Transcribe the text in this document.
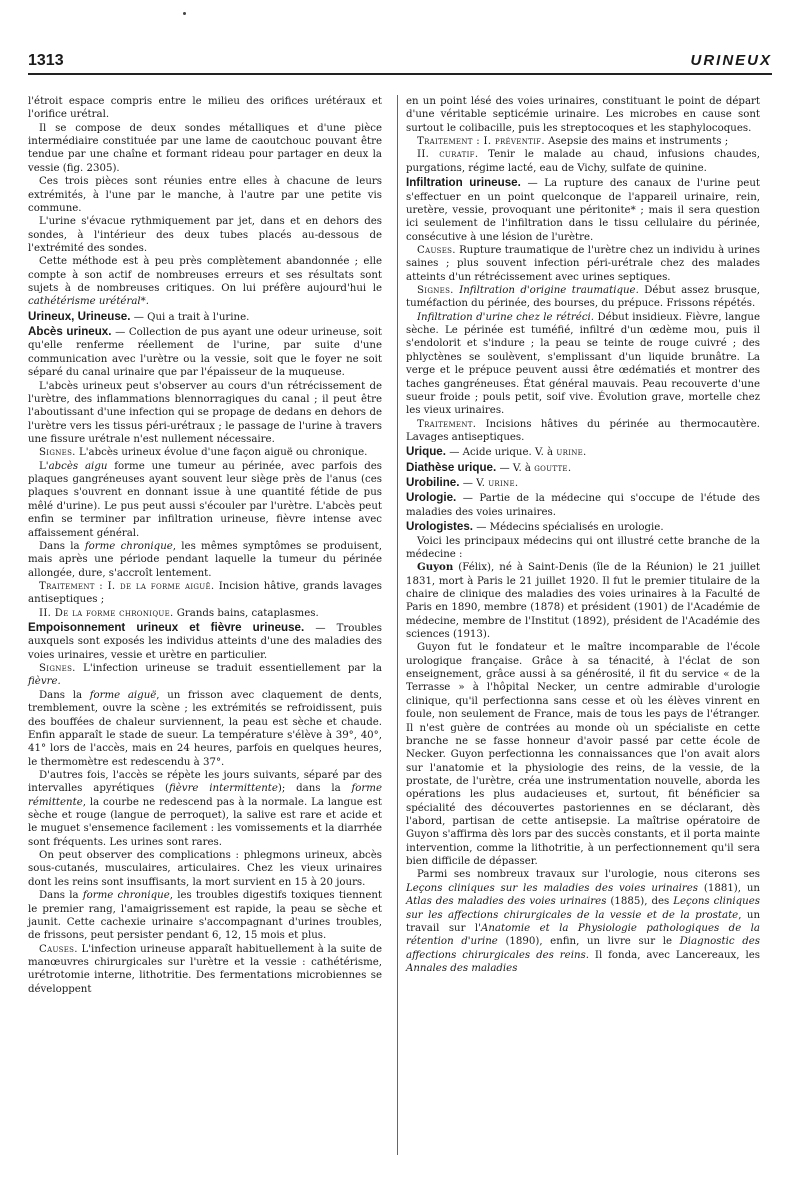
1313	URINEUX

l'étroit espace compris entre le milieu des orifices urétéraux et l'orifice urétral.

Il se compose de deux sondes métalliques et d'une pièce intermédiaire constituée par une lame de caoutchouc pouvant être tendue par une chaîne et formant rideau pour partager en deux la vessie (fig. 2305).

Ces trois pièces sont réunies entre elles à chacune de leurs extrémités, à l'une par le manche, à l'autre par une petite vis commune.

L'urine s'évacue rythmiquement par jet, dans et en dehors des sondes, à l'intérieur des deux tubes placés au-dessous de l'extrémité des sondes.

Cette méthode est à peu près complètement abandonnée ; elle compte à son actif de nombreuses erreurs et ses résultats sont sujets à de nombreuses critiques. On lui préfère aujourd'hui le cathétérisme urétéral*.

Urineux, Urineuse. — Qui a trait à l'urine.

Abcès urineux. — Collection de pus ayant une odeur urineuse, soit qu'elle renferme réellement de l'urine, par suite d'une communication avec l'urètre ou la vessie, soit que le foyer ne soit séparé du canal urinaire que par l'épaisseur de la muqueuse.

L'abcès urineux peut s'observer au cours d'un rétrécissement de l'urètre, des inflammations blennorragiques du canal ; il peut être l'aboutissant d'une infection qui se propage de dedans en dehors de l'urètre vers les tissus péri-urétraux ; le passage de l'urine à travers une fissure urétrale n'est nullement nécessaire.

Signes. L'abcès urineux évolue d'une façon aiguë ou chronique.

L'abcès aigu forme une tumeur au périnée, avec parfois des plaques gangréneuses ayant souvent leur siège près de l'anus (ces plaques s'ouvrent en donnant issue à une quantité fétide de pus mêlé d'urine). Le pus peut aussi s'écouler par l'urètre. L'abcès peut enfin se terminer par infiltration urineuse, fièvre intense avec affaissement général.

Dans la forme chronique, les mêmes symptômes se produisent, mais après une période pendant laquelle la tumeur du périnée allongée, dure, s'accroît lentement.

Traitement : I. de la forme aiguë. Incision hâtive, grands lavages antiseptiques ;

II. De la forme chronique. Grands bains, cataplasmes.

Empoisonnement urineux et fièvre urineuse. — Troubles auxquels sont exposés les individus atteints d'une des maladies des voies urinaires, vessie et urètre en particulier.

Signes. L'infection urineuse se traduit essentiellement par la fièvre.

Dans la forme aiguë, un frisson avec claquement de dents, tremblement, ouvre la scène ; les extrémités se refroidissent, puis des bouffées de chaleur surviennent, la peau est sèche et chaude. Enfin apparaît le stade de sueur. La température s'élève à 39°, 40°, 41° lors de l'accès, mais en 24 heures, parfois en quelques heures, le thermomètre est redescendu à 37°.

D'autres fois, l'accès se répète les jours suivants, séparé par des intervalles apyrétiques (fièvre intermittente); dans la forme rémittente, la courbe ne redescend pas à la normale. La langue est sèche et rouge (langue de perroquet), la salive est rare et acide et le muguet s'ensemence facilement : les vomissements et la diarrhée sont fréquents. Les urines sont rares.

On peut observer des complications : phlegmons urineux, abcès sous-cutanés, musculaires, articulaires. Chez les vieux urinaires dont les reins sont insuffisants, la mort survient en 15 à 20 jours.

Dans la forme chronique, les troubles digestifs toxiques tiennent le premier rang, l'amaigrissement est rapide, la peau se sèche et jaunit. Cette cachexie urinaire s'accompagnant d'urines troubles, de frissons, peut persister pendant 6, 12, 15 mois et plus.

Causes. L'infection urineuse apparaît habituellement à la suite de manœuvres chirurgicales sur l'urètre et la vessie : cathétérisme, urétrotomie interne, lithotritie. Des fermentations microbiennes se développent

en un point lésé des voies urinaires, constituant le point de départ d'une véritable septicémie urinaire. Les microbes en cause sont surtout le colibacille, puis les streptocoques et les staphylocoques.

Traitement : I. préventif. Asepsie des mains et instruments ;

II. curatif. Tenir le malade au chaud, infusions chaudes, purgations, régime lacté, eau de Vichy, sulfate de quinine.

Infiltration urineuse. — La rupture des canaux de l'urine peut s'effectuer en un point quelconque de l'appareil urinaire, rein, uretère, vessie, provoquant une péritonite* ; mais il sera question ici seulement de l'infiltration dans le tissu cellulaire du périnée, consécutive à une lésion de l'urètre.

Causes. Rupture traumatique de l'urètre chez un individu à urines saines ; plus souvent infection péri-urétrale chez des malades atteints d'un rétrécissement avec urines septiques.

Signes. Infiltration d'origine traumatique. Début assez brusque, tuméfaction du périnée, des bourses, du prépuce. Frissons répétés.

Infiltration d'urine chez le rétréci. Début insidieux. Fièvre, langue sèche. Le périnée est tuméfié, infiltré d'un œdème mou, puis il s'endolorit et s'indure ; la peau se teinte de rouge cuivré ; des phlyctènes se soulèvent, s'emplissant d'un liquide brunâtre. La verge et le prépuce peuvent aussi être œdématiés et montrer des taches gangréneuses. État général mauvais. Peau recouverte d'une sueur froide ; pouls petit, soif vive. Évolution grave, mortelle chez les vieux urinaires.

Traitement. Incisions hâtives du périnée au thermocautère. Lavages antiseptiques.

Urique. — Acide urique. V. à urine.

Diathèse urique. — V. à goutte.

Urobiline. — V. urine.

Urologie. — Partie de la médecine qui s'occupe de l'étude des maladies des voies urinaires.

Urologistes. — Médecins spécialisés en urologie.

Voici les principaux médecins qui ont illustré cette branche de la médecine :

Guyon (Félix), né à Saint-Denis (île de la Réunion) le 21 juillet 1831, mort à Paris le 21 juillet 1920. Il fut le premier titulaire de la chaire de clinique des maladies des voies urinaires à la Faculté de Paris en 1890, membre (1878) et président (1901) de l'Académie de médecine, membre de l'Institut (1892), président de l'Académie des sciences (1913).

Guyon fut le fondateur et le maître incomparable de l'école urologique française. Grâce à sa ténacité, à l'éclat de son enseignement, grâce aussi à sa générosité, il fit du service « de la Terrasse » à l'hôpital Necker, un centre admirable d'urologie clinique, qu'il perfectionna sans cesse et où les élèves vinrent en foule, non seulement de France, mais de tous les pays de l'étranger. Il n'est guère de contrées au monde où un spécialiste en cette branche ne se fasse honneur d'avoir passé par cette école de Necker. Guyon perfectionna les connaissances que l'on avait alors sur l'anatomie et la physiologie des reins, de la vessie, de la prostate, de l'urètre, créa une instrumentation nouvelle, aborda les opérations les plus audacieuses et, surtout, fit bénéficier sa spécialité des découvertes pastoriennes en se déclarant, dès l'abord, partisan de cette antisepsie. La maîtrise opératoire de Guyon s'affirma dès lors par des succès constants, et il porta mainte intervention, comme la lithotritie, à un perfectionnement qu'il sera bien difficile de dépasser.

Parmi ses nombreux travaux sur l'urologie, nous citerons ses Leçons cliniques sur les maladies des voies urinaires (1881), un Atlas des maladies des voies urinaires (1885), des Leçons cliniques sur les affections chirurgicales de la vessie et de la prostate, un travail sur l'Anatomie et la Physiologie pathologiques de la rétention d'urine (1890), enfin, un livre sur le Diagnostic des affections chirurgicales des reins. Il fonda, avec Lancereaux, les Annales des maladies
